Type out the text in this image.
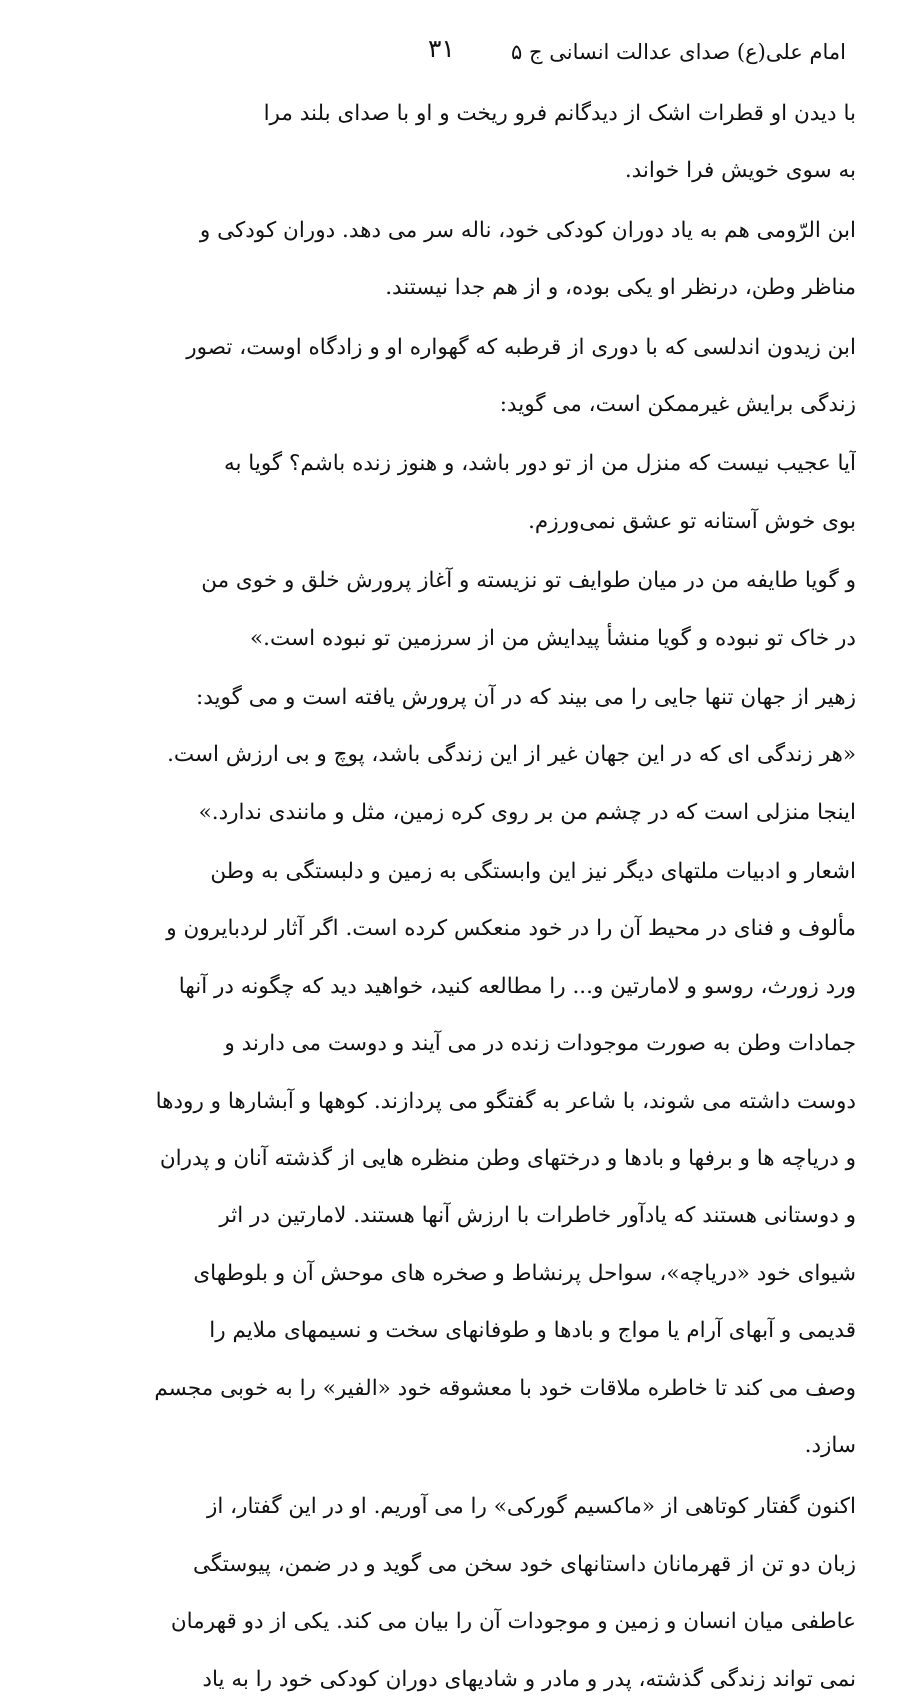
امام علی(ع) صدای عدالت انسانی ج ۵
۳۱
با دیدن او قطرات اشک از دیدگانم فرو ریخت و او با صدای بلند مرا
به سوی خویش فرا خواند.
ابن الرّومی هم به یاد دوران کودکی خود، ناله سر می دهد. دوران کودکی و
مناظر وطن، درنظر او یکی بوده، و از هم جدا نیستند.
ابن زیدون اندلسی که با دوری از قرطبه که گهواره او و زادگاه اوست، تصور
زندگی برایش غیرممکن است، می گوید:
آیا عجیب نیست که منزل من از تو دور باشد، و هنوز زنده باشم؟ گویا به
بوی خوش آستانه تو عشق نمی‌ورزم.
و گویا طایفه من در میان طوایف تو نزیسته و آغاز پرورش خلق و خوی من
در خاک تو نبوده و گویا منشأ پیدایش من از سرزمین تو نبوده است.»
زهیر از جهان تنها جایی را می بیند که در آن پرورش یافته است و می گوید:
«هر زندگی ای که در این جهان غیر از این زندگی باشد، پوچ و بی ارزش است.
اینجا منزلی است که در چشم من بر روی کره زمین، مثل و مانندی ندارد.»
اشعار و ادبیات ملتهای دیگر نیز این وابستگی به زمین و دلبستگی به وطن
مألوف و فنای در محیط آن را در خود منعکس کرده است. اگر آثار لردبایرون و
ورد زورث، روسو و لامارتین و... را مطالعه کنید، خواهید دید که چگونه در آنها
جمادات وطن به صورت موجودات زنده در می آیند و دوست می دارند و
دوست داشته می شوند، با شاعر به گفتگو می پردازند. کوهها و آبشارها و رودها
و دریاچه ها و برفها و بادها و درختهای وطن منظره هایی از گذشته آنان و پدران
و دوستانی هستند که یادآور خاطرات با ارزش آنها هستند. لامارتین در اثر
شیوای خود «دریاچه»، سواحل پرنشاط و صخره های موحش آن و بلوطهای
قدیمی و آبهای آرام یا مواج و بادها و طوفانهای سخت و نسیمهای ملایم را
وصف می کند تا خاطره ملاقات خود با معشوقه خود «الفیر» را به خوبی مجسم
سازد.
اکنون گفتار کوتاهی از «ماکسیم گورکی» را می آوریم. او در این گفتار، از
زبان دو تن از قهرمانان داستانهای خود سخن می گوید و در ضمن، پیوستگی
عاطفی میان انسان و زمین و موجودات آن را بیان می کند. یکی از دو قهرمان
نمی تواند زندگی گذشته، پدر و مادر و شادیهای دوران کودکی خود را به یاد
